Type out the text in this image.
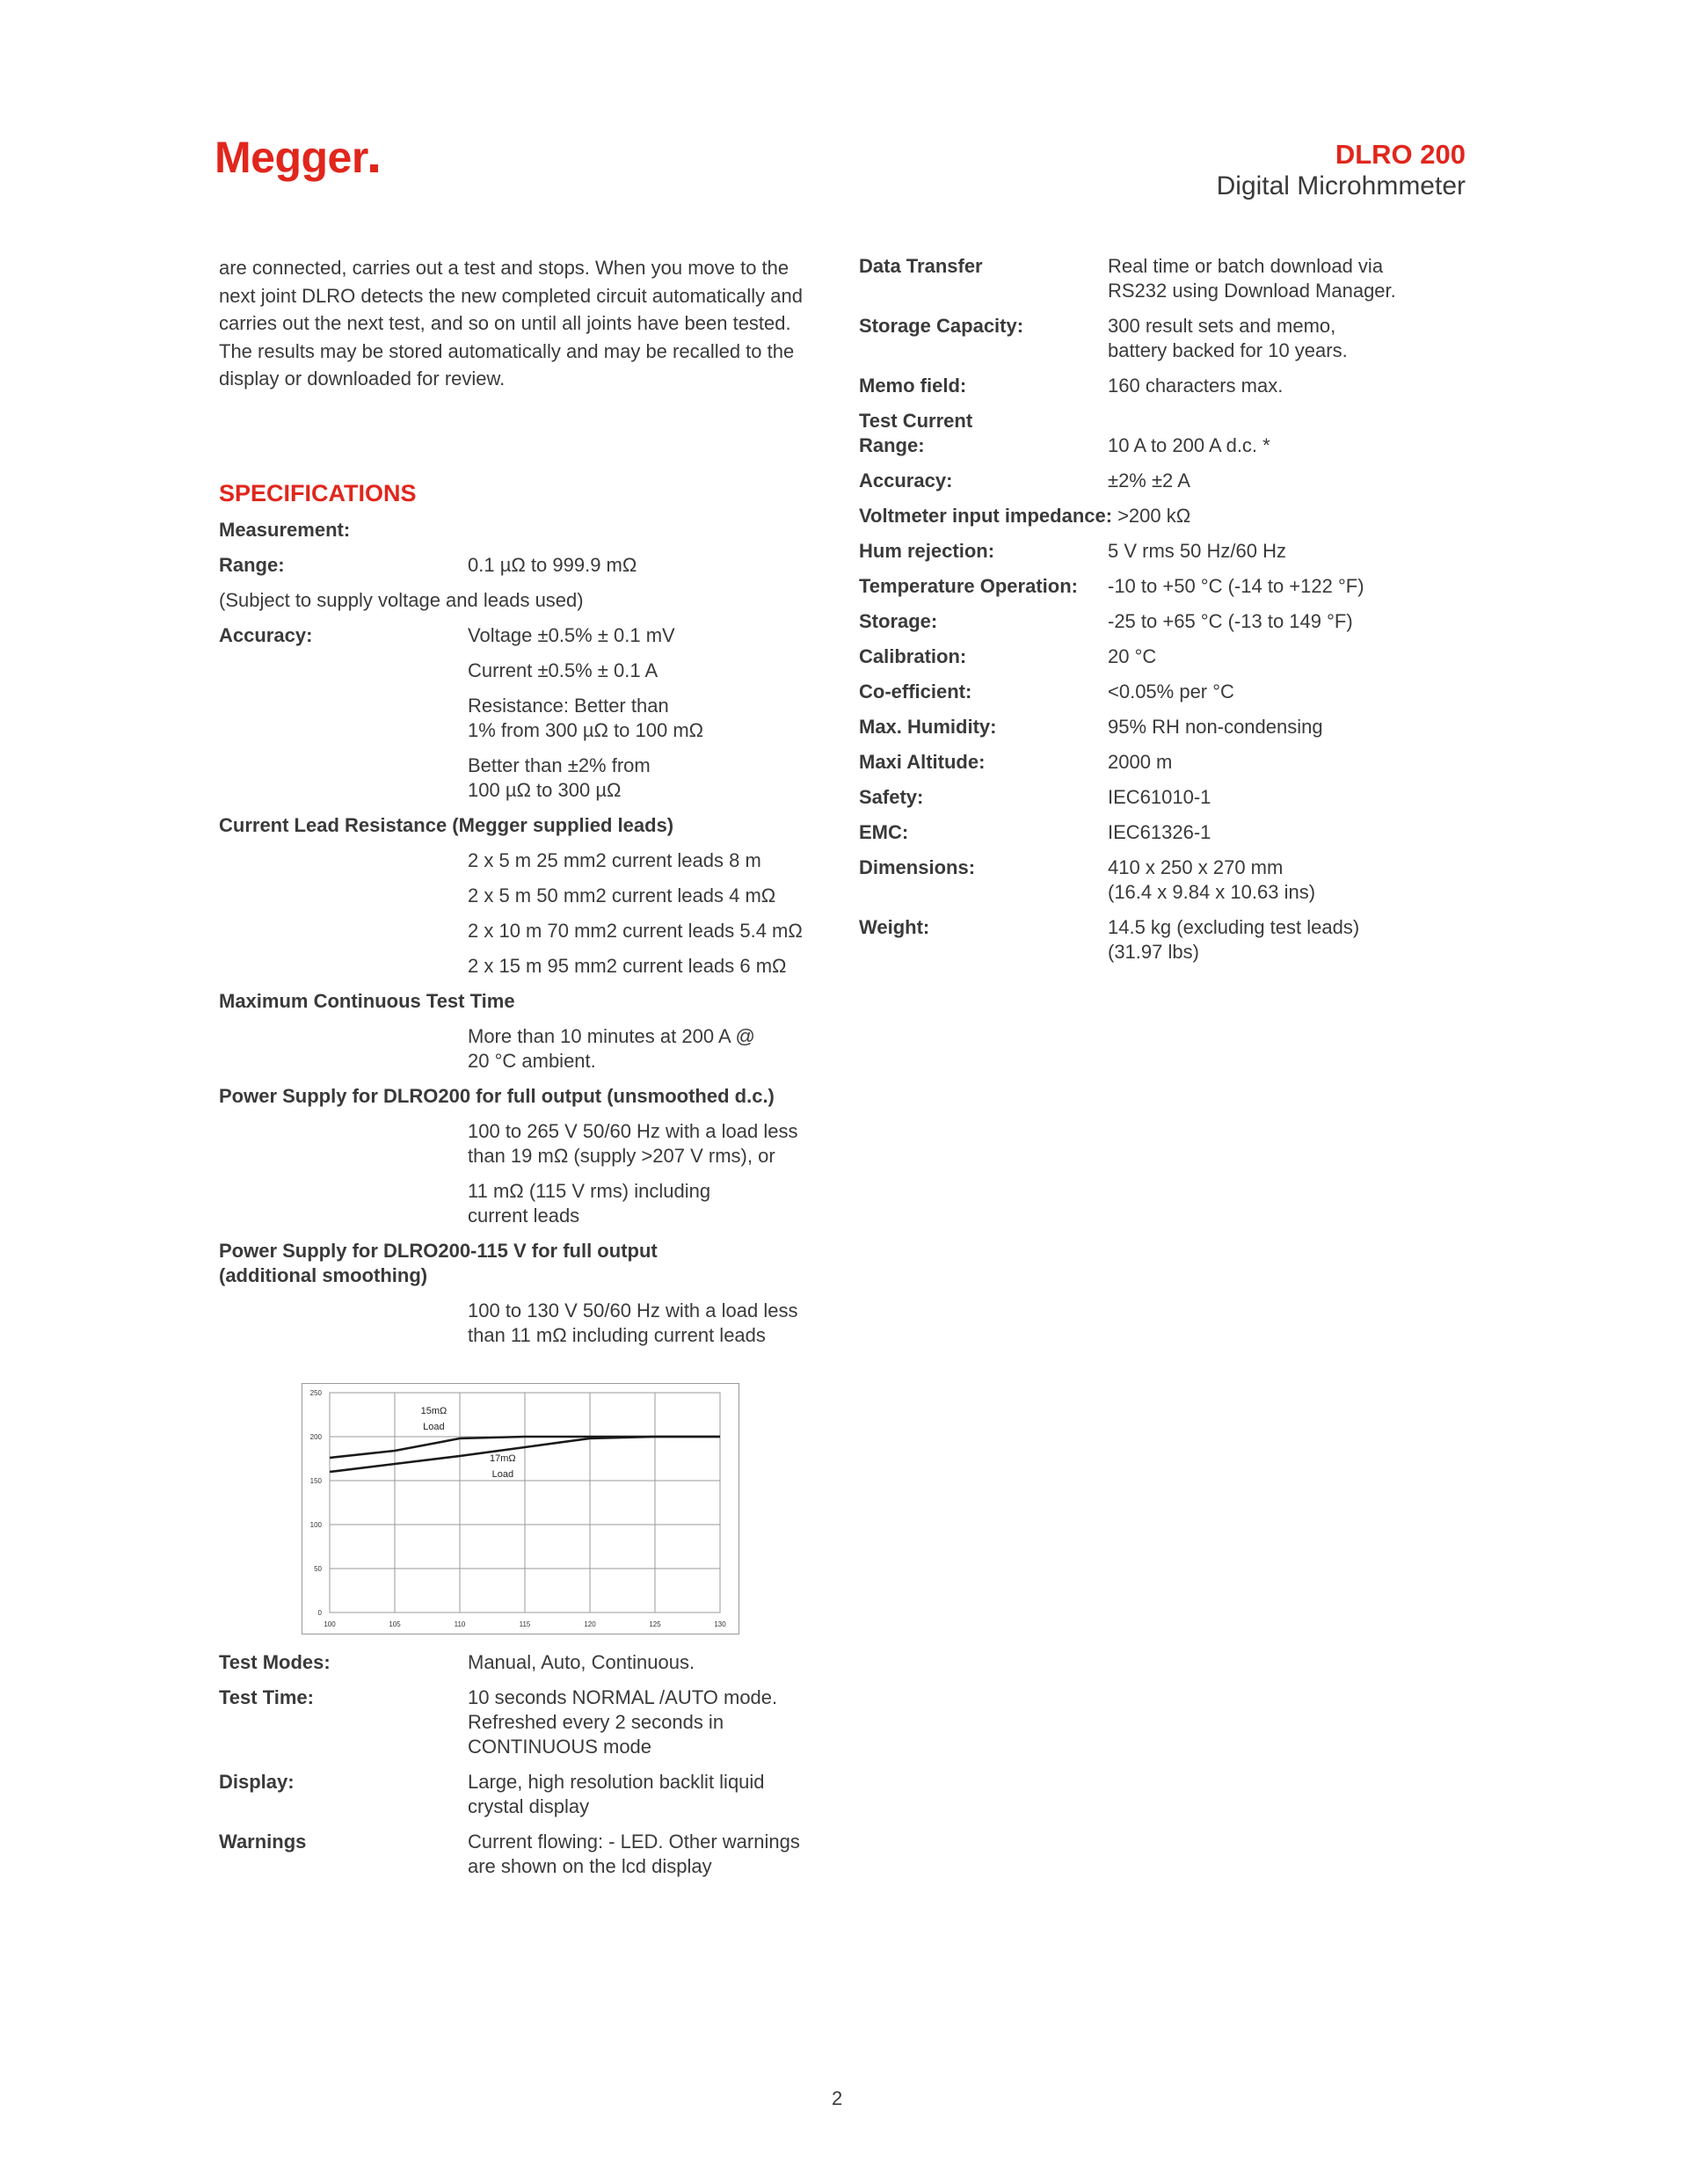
Megger	DLRO 200
Digital Microhmmeter
are connected, carries out a test and stops. When you move to the
next joint DLRO detects the new completed circuit automatically and
carries out the next test, and so on until all joints have been tested.
The results may be stored automatically and may be recalled to the
display or downloaded for review.
SPECIFICATIONS
Measurement:
Range:	0.1 µΩ to 999.9 mΩ
(Subject to supply voltage and leads used)
Accuracy:	Voltage ±0.5% ± 0.1 mV
Current ±0.5% ± 0.1 A
Resistance: Better than
1% from 300 µΩ to 100 mΩ
Better than ±2% from
100 µΩ to 300 µΩ
Current Lead Resistance (Megger supplied leads)
2 x 5 m 25 mm2 current leads 8 m
2 x 5 m 50 mm2 current leads 4 mΩ
2 x 10 m 70 mm2 current leads 5.4 mΩ
2 x 15 m 95 mm2 current leads 6 mΩ
Maximum Continuous Test Time
More than 10 minutes at 200 A @
20 °C ambient.
Power Supply for DLRO200 for full output (unsmoothed d.c.)
100 to 265 V 50/60 Hz with a load less
than 19 mΩ (supply >207 V rms), or
11 mΩ (115 V rms) including
current leads
Power Supply for DLRO200-115 V for full output
(additional smoothing)
100 to 130 V 50/60 Hz with a load less
than 11 mΩ including current leads
100	105	110	115	120	125	130
0
50
100
150
200
250
15mΩ
Load
17mΩ
Load
Test Modes:	Manual, Auto, Continuous.
Test Time:	10 seconds NORMAL /AUTO mode.
Refreshed every 2 seconds in
CONTINUOUS mode
Display:	Large, high resolution backlit liquid
crystal display
Warnings	Current flowing: - LED. Other warnings
are shown on the lcd display
Data Transfer	Real time or batch download via
RS232 using Download Manager.
Storage Capacity:	300 result sets and memo,
battery backed for 10 years.
Memo field:	160 characters max.
Test Current
Range:	10 A to 200 A d.c. *
Accuracy:	±2% ±2 A
Voltmeter input impedance: >200 kΩ
Hum rejection:	5 V rms 50 Hz/60 Hz
Temperature Operation:	-10 to +50 °C (-14 to +122 °F)
Storage:	-25 to +65 °C (-13 to 149 °F)
Calibration:	20 °C
Co-efficient:	<0.05% per °C
Max. Humidity:	95% RH non-condensing
Maxi Altitude:	2000 m
Safety:	IEC61010-1
EMC:	IEC61326-1
Dimensions:	410 x 250 x 270 mm
(16.4 x 9.84 x 10.63 ins)
Weight:	14.5 kg (excluding test leads)
(31.97 lbs)
2
